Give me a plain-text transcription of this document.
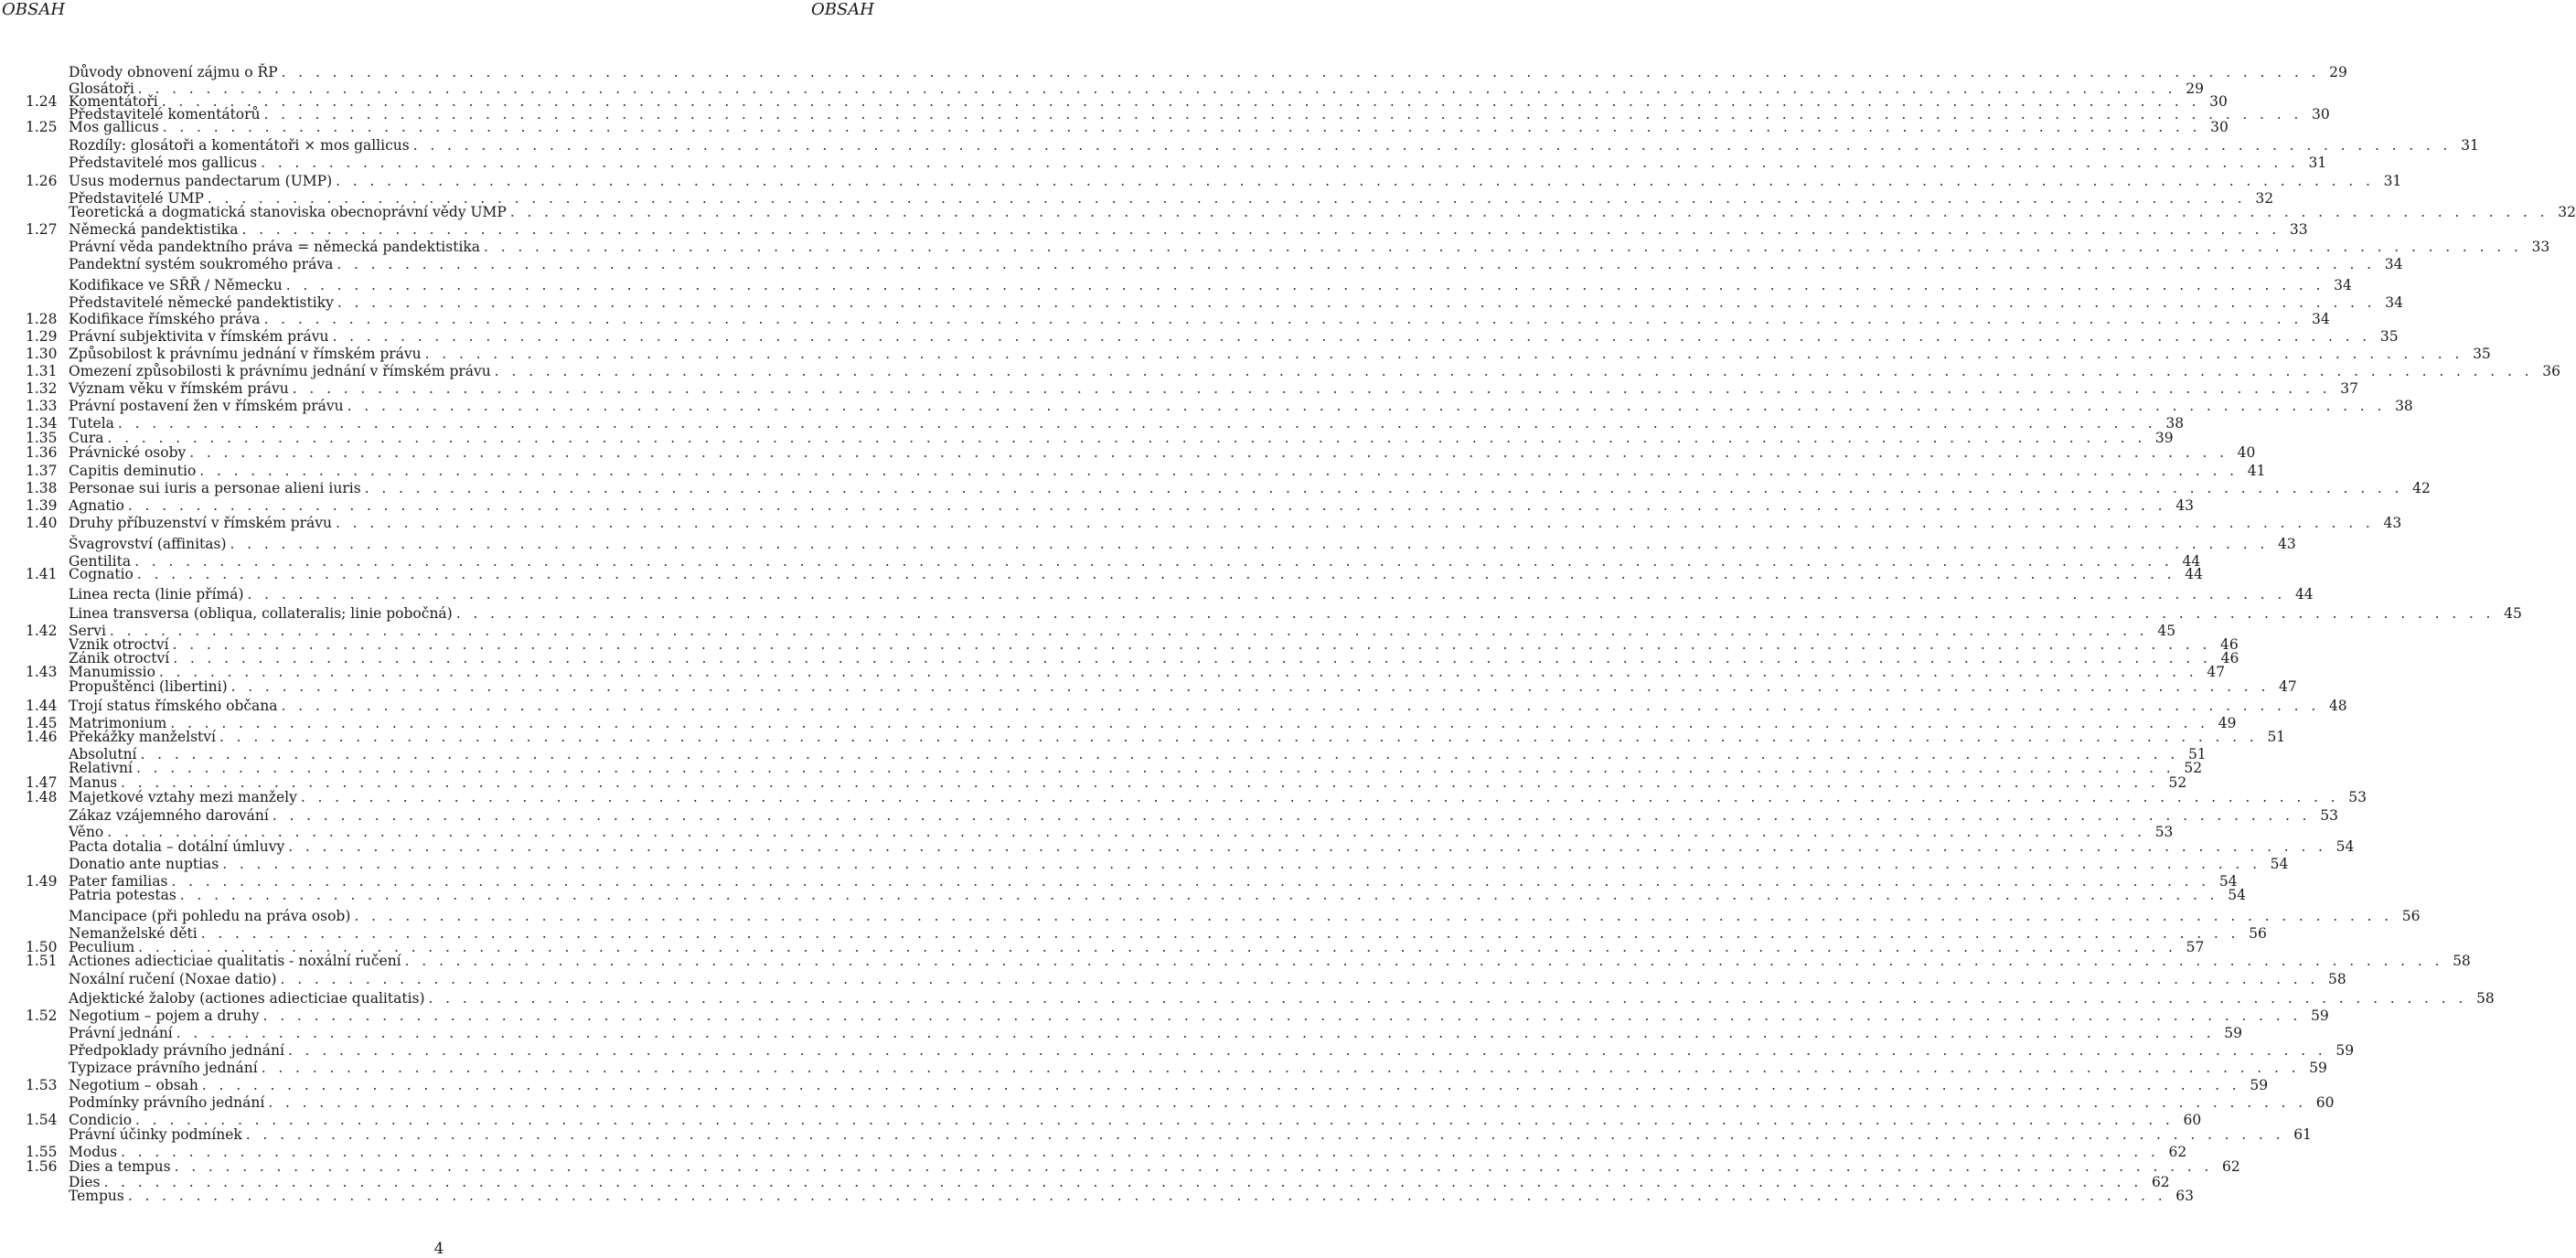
OBSAH	OBSAH
Důvody obnovení zájmu o ŘP . . . . . . . . . . . . . . . . . . . . . . . . . . . . . . . . . . . . . . . . . . . . . . . . . . . . . . . . . . . . . . . . . . . . . . . . . . . . . . . . . . . . . . . . . . . . . . . . . . . . . . . . . . . . . . . . . . . . . . . . 29
Glosátoři . . . . . . . . . . . . . . . . . . . . . . . . . . . . . . . . . . . . . . . . . . . . . . . . . . . . . . . . . . . . . . . . . . . . . . . . . . . . . . . . . . . . . . . . . . . . . . . . . . . . . . . . . . . . . . . . . . . . . . . . 29
1.24 Komentátoři . . . . . . . . . . . . . . . . . . . . . . . . . . . . . . . . . . . . . . . . . . . . . . . . . . . . . . . . . . . . . . . . . . . . . . . . . . . . . . . . . . . . . . . . . . . . . . . . . . . . . . . . . . . . . . . . . . . . . . . . 30
Představitelé komentátorů . . . . . . . . . . . . . . . . . . . . . . . . . . . . . . . . . . . . . . . . . . . . . . . . . . . . . . . . . . . . . . . . . . . . . . . . . . . . . . . . . . . . . . . . . . . . . . . . . . . . . . . . . . . . . . . . . . . . . . . . 30
1.25 Mos gallicus . . . . . . . . . . . . . . . . . . . . . . . . . . . . . . . . . . . . . . . . . . . . . . . . . . . . . . . . . . . . . . . . . . . . . . . . . . . . . . . . . . . . . . . . . . . . . . . . . . . . . . . . . . . . . . . . . . . . . . . . 30
Rozdíly: glosátoři a komentátoři × mos gallicus . . . . . . . . . . . . . . . . . . . . . . . . . . . . . . . . . . . . . . . . . . . . . . . . . . . . . . . . . . . . . . . . . . . . . . . . . . . . . . . . . . . . . . . . . . . . . . . . . . . . . . . . . . . . . . . . . . . . . . . . 31
Představitelé mos gallicus . . . . . . . . . . . . . . . . . . . . . . . . . . . . . . . . . . . . . . . . . . . . . . . . . . . . . . . . . . . . . . . . . . . . . . . . . . . . . . . . . . . . . . . . . . . . . . . . . . . . . . . . . . . . . . . . . . . . . . . . 31
1.26 Usus modernus pandectarum (UMP) . . . . . . . . . . . . . . . . . . . . . . . . . . . . . . . . . . . . . . . . . . . . . . . . . . . . . . . . . . . . . . . . . . . . . . . . . . . . . . . . . . . . . . . . . . . . . . . . . . . . . . . . . . . . . . . . . . . . . . . . 31
Představitelé UMP . . . . . . . . . . . . . . . . . . . . . . . . . . . . . . . . . . . . . . . . . . . . . . . . . . . . . . . . . . . . . . . . . . . . . . . . . . . . . . . . . . . . . . . . . . . . . . . . . . . . . . . . . . . . . . . . . . . . . . . . 32
Teoretická a dogmatická stanoviska obecnoprávní vědy UMP . . . . . . . . . . . . . . . . . . . . . . . . . . . . . . . . . . . . . . . . . . . . . . . . . . . . . . . . . . . . . . . . . . . . . . . . . . . . . . . . . . . . . . . . . . . . . . . . . . . . . . . . . . . . . . . . . . . . . . . . 32
1.27 Německá pandektistika . . . . . . . . . . . . . . . . . . . . . . . . . . . . . . . . . . . . . . . . . . . . . . . . . . . . . . . . . . . . . . . . . . . . . . . . . . . . . . . . . . . . . . . . . . . . . . . . . . . . . . . . . . . . . . . . . . . . . . . . 33
Právní věda pandektního práva = německá pandektistika . . . . . . . . . . . . . . . . . . . . . . . . . . . . . . . . . . . . . . . . . . . . . . . . . . . . . . . . . . . . . . . . . . . . . . . . . . . . . . . . . . . . . . . . . . . . . . . . . . . . . . . . . . . . . . . . . . . . . . . . 33
Pandektní systém soukromého práva . . . . . . . . . . . . . . . . . . . . . . . . . . . . . . . . . . . . . . . . . . . . . . . . . . . . . . . . . . . . . . . . . . . . . . . . . . . . . . . . . . . . . . . . . . . . . . . . . . . . . . . . . . . . . . . . . . . . . . . . 34
Kodifikace ve SŘŘ / Německu . . . . . . . . . . . . . . . . . . . . . . . . . . . . . . . . . . . . . . . . . . . . . . . . . . . . . . . . . . . . . . . . . . . . . . . . . . . . . . . . . . . . . . . . . . . . . . . . . . . . . . . . . . . . . . . . . . . . . . . . 34
Představitelé německé pandektistiky . . . . . . . . . . . . . . . . . . . . . . . . . . . . . . . . . . . . . . . . . . . . . . . . . . . . . . . . . . . . . . . . . . . . . . . . . . . . . . . . . . . . . . . . . . . . . . . . . . . . . . . . . . . . . . . . . . . . . . . . 34
1.28 Kodifikace římského práva . . . . . . . . . . . . . . . . . . . . . . . . . . . . . . . . . . . . . . . . . . . . . . . . . . . . . . . . . . . . . . . . . . . . . . . . . . . . . . . . . . . . . . . . . . . . . . . . . . . . . . . . . . . . . . . . . . . . . . . . 34
1.29 Právní subjektivita v římském právu . . . . . . . . . . . . . . . . . . . . . . . . . . . . . . . . . . . . . . . . . . . . . . . . . . . . . . . . . . . . . . . . . . . . . . . . . . . . . . . . . . . . . . . . . . . . . . . . . . . . . . . . . . . . . . . . . . . . . . . . 35
1.30 Způsobilost k právnímu jednání v římském právu . . . . . . . . . . . . . . . . . . . . . . . . . . . . . . . . . . . . . . . . . . . . . . . . . . . . . . . . . . . . . . . . . . . . . . . . . . . . . . . . . . . . . . . . . . . . . . . . . . . . . . . . . . . . . . . . . . . . . . . . 35
1.31 Omezení způsobilosti k právnímu jednání v římském právu . . . . . . . . . . . . . . . . . . . . . . . . . . . . . . . . . . . . . . . . . . . . . . . . . . . . . . . . . . . . . . . . . . . . . . . . . . . . . . . . . . . . . . . . . . . . . . . . . . . . . . . . . . . . . . . . . . . . . . . . 36
1.32 Význam věku v římském právu . . . . . . . . . . . . . . . . . . . . . . . . . . . . . . . . . . . . . . . . . . . . . . . . . . . . . . . . . . . . . . . . . . . . . . . . . . . . . . . . . . . . . . . . . . . . . . . . . . . . . . . . . . . . . . . . . . . . . . . . 37
1.33 Právní postavení žen v římském právu . . . . . . . . . . . . . . . . . . . . . . . . . . . . . . . . . . . . . . . . . . . . . . . . . . . . . . . . . . . . . . . . . . . . . . . . . . . . . . . . . . . . . . . . . . . . . . . . . . . . . . . . . . . . . . . . . . . . . . . . 38
1.34 Tutela . . . . . . . . . . . . . . . . . . . . . . . . . . . . . . . . . . . . . . . . . . . . . . . . . . . . . . . . . . . . . . . . . . . . . . . . . . . . . . . . . . . . . . . . . . . . . . . . . . . . . . . . . . . . . . . . . . . . . . . . 38
1.35 Cura . . . . . . . . . . . . . . . . . . . . . . . . . . . . . . . . . . . . . . . . . . . . . . . . . . . . . . . . . . . . . . . . . . . . . . . . . . . . . . . . . . . . . . . . . . . . . . . . . . . . . . . . . . . . . . . . . . . . . . . . 39
1.36 Právnické osoby . . . . . . . . . . . . . . . . . . . . . . . . . . . . . . . . . . . . . . . . . . . . . . . . . . . . . . . . . . . . . . . . . . . . . . . . . . . . . . . . . . . . . . . . . . . . . . . . . . . . . . . . . . . . . . . . . . . . . . . . 40
1.37 Capitis deminutio . . . . . . . . . . . . . . . . . . . . . . . . . . . . . . . . . . . . . . . . . . . . . . . . . . . . . . . . . . . . . . . . . . . . . . . . . . . . . . . . . . . . . . . . . . . . . . . . . . . . . . . . . . . . . . . . . . . . . . . . 41
1.38 Personae sui iuris a personae alieni iuris . . . . . . . . . . . . . . . . . . . . . . . . . . . . . . . . . . . . . . . . . . . . . . . . . . . . . . . . . . . . . . . . . . . . . . . . . . . . . . . . . . . . . . . . . . . . . . . . . . . . . . . . . . . . . . . . . . . . . . . . 42
1.39 Agnatio . . . . . . . . . . . . . . . . . . . . . . . . . . . . . . . . . . . . . . . . . . . . . . . . . . . . . . . . . . . . . . . . . . . . . . . . . . . . . . . . . . . . . . . . . . . . . . . . . . . . . . . . . . . . . . . . . . . . . . . . 43
1.40 Druhy příbuzenství v římském právu . . . . . . . . . . . . . . . . . . . . . . . . . . . . . . . . . . . . . . . . . . . . . . . . . . . . . . . . . . . . . . . . . . . . . . . . . . . . . . . . . . . . . . . . . . . . . . . . . . . . . . . . . . . . . . . . . . . . . . . . 43
Švagrovství (affinitas) . . . . . . . . . . . . . . . . . . . . . . . . . . . . . . . . . . . . . . . . . . . . . . . . . . . . . . . . . . . . . . . . . . . . . . . . . . . . . . . . . . . . . . . . . . . . . . . . . . . . . . . . . . . . . . . . . . . . . . . . 43
Gentilita . . . . . . . . . . . . . . . . . . . . . . . . . . . . . . . . . . . . . . . . . . . . . . . . . . . . . . . . . . . . . . . . . . . . . . . . . . . . . . . . . . . . . . . . . . . . . . . . . . . . . . . . . . . . . . . . . . . . . . . . 44
1.41 Cognatio . . . . . . . . . . . . . . . . . . . . . . . . . . . . . . . . . . . . . . . . . . . . . . . . . . . . . . . . . . . . . . . . . . . . . . . . . . . . . . . . . . . . . . . . . . . . . . . . . . . . . . . . . . . . . . . . . . . . . . . . 44
Linea recta (linie přímá) . . . . . . . . . . . . . . . . . . . . . . . . . . . . . . . . . . . . . . . . . . . . . . . . . . . . . . . . . . . . . . . . . . . . . . . . . . . . . . . . . . . . . . . . . . . . . . . . . . . . . . . . . . . . . . . . . . . . . . . . 44
Linea transversa (obliqua, collateralis; linie pobočná) . . . . . . . . . . . . . . . . . . . . . . . . . . . . . . . . . . . . . . . . . . . . . . . . . . . . . . . . . . . . . . . . . . . . . . . . . . . . . . . . . . . . . . . . . . . . . . . . . . . . . . . . . . . . . . . . . . . . . . . . 45
1.42 Servi . . . . . . . . . . . . . . . . . . . . . . . . . . . . . . . . . . . . . . . . . . . . . . . . . . . . . . . . . . . . . . . . . . . . . . . . . . . . . . . . . . . . . . . . . . . . . . . . . . . . . . . . . . . . . . . . . . . . . . . . 45
Vznik otroctví . . . . . . . . . . . . . . . . . . . . . . . . . . . . . . . . . . . . . . . . . . . . . . . . . . . . . . . . . . . . . . . . . . . . . . . . . . . . . . . . . . . . . . . . . . . . . . . . . . . . . . . . . . . . . . . . . . . . . . . . 46
Zánik otroctví . . . . . . . . . . . . . . . . . . . . . . . . . . . . . . . . . . . . . . . . . . . . . . . . . . . . . . . . . . . . . . . . . . . . . . . . . . . . . . . . . . . . . . . . . . . . . . . . . . . . . . . . . . . . . . . . . . . . . . . . 46
1.43 Manumissio . . . . . . . . . . . . . . . . . . . . . . . . . . . . . . . . . . . . . . . . . . . . . . . . . . . . . . . . . . . . . . . . . . . . . . . . . . . . . . . . . . . . . . . . . . . . . . . . . . . . . . . . . . . . . . . . . . . . . . . . 47
Propuštěnci (libertini) . . . . . . . . . . . . . . . . . . . . . . . . . . . . . . . . . . . . . . . . . . . . . . . . . . . . . . . . . . . . . . . . . . . . . . . . . . . . . . . . . . . . . . . . . . . . . . . . . . . . . . . . . . . . . . . . . . . . . . . . 47
1.44 Trojí status římského občana . . . . . . . . . . . . . . . . . . . . . . . . . . . . . . . . . . . . . . . . . . . . . . . . . . . . . . . . . . . . . . . . . . . . . . . . . . . . . . . . . . . . . . . . . . . . . . . . . . . . . . . . . . . . . . . . . . . . . . . . 48
1.45 Matrimonium . . . . . . . . . . . . . . . . . . . . . . . . . . . . . . . . . . . . . . . . . . . . . . . . . . . . . . . . . . . . . . . . . . . . . . . . . . . . . . . . . . . . . . . . . . . . . . . . . . . . . . . . . . . . . . . . . . . . . . . . 49
1.46 Překážky manželství . . . . . . . . . . . . . . . . . . . . . . . . . . . . . . . . . . . . . . . . . . . . . . . . . . . . . . . . . . . . . . . . . . . . . . . . . . . . . . . . . . . . . . . . . . . . . . . . . . . . . . . . . . . . . . . . . . . . . . . . 51
Absolutní . . . . . . . . . . . . . . . . . . . . . . . . . . . . . . . . . . . . . . . . . . . . . . . . . . . . . . . . . . . . . . . . . . . . . . . . . . . . . . . . . . . . . . . . . . . . . . . . . . . . . . . . . . . . . . . . . . . . . . . . 51
Relativní . . . . . . . . . . . . . . . . . . . . . . . . . . . . . . . . . . . . . . . . . . . . . . . . . . . . . . . . . . . . . . . . . . . . . . . . . . . . . . . . . . . . . . . . . . . . . . . . . . . . . . . . . . . . . . . . . . . . . . . . 52
1.47 Manus . . . . . . . . . . . . . . . . . . . . . . . . . . . . . . . . . . . . . . . . . . . . . . . . . . . . . . . . . . . . . . . . . . . . . . . . . . . . . . . . . . . . . . . . . . . . . . . . . . . . . . . . . . . . . . . . . . . . . . . . 52
1.48 Majetkové vztahy mezi manžely . . . . . . . . . . . . . . . . . . . . . . . . . . . . . . . . . . . . . . . . . . . . . . . . . . . . . . . . . . . . . . . . . . . . . . . . . . . . . . . . . . . . . . . . . . . . . . . . . . . . . . . . . . . . . . . . . . . . . . . . 53
Zákaz vzájemného darování . . . . . . . . . . . . . . . . . . . . . . . . . . . . . . . . . . . . . . . . . . . . . . . . . . . . . . . . . . . . . . . . . . . . . . . . . . . . . . . . . . . . . . . . . . . . . . . . . . . . . . . . . . . . . . . . . . . . . . . . 53
Věno . . . . . . . . . . . . . . . . . . . . . . . . . . . . . . . . . . . . . . . . . . . . . . . . . . . . . . . . . . . . . . . . . . . . . . . . . . . . . . . . . . . . . . . . . . . . . . . . . . . . . . . . . . . . . . . . . . . . . . . . 53
Pacta dotalia – dotální úmluvy . . . . . . . . . . . . . . . . . . . . . . . . . . . . . . . . . . . . . . . . . . . . . . . . . . . . . . . . . . . . . . . . . . . . . . . . . . . . . . . . . . . . . . . . . . . . . . . . . . . . . . . . . . . . . . . . . . . . . . . . 54
Donatio ante nuptias . . . . . . . . . . . . . . . . . . . . . . . . . . . . . . . . . . . . . . . . . . . . . . . . . . . . . . . . . . . . . . . . . . . . . . . . . . . . . . . . . . . . . . . . . . . . . . . . . . . . . . . . . . . . . . . . . . . . . . . . 54
1.49 Pater familias . . . . . . . . . . . . . . . . . . . . . . . . . . . . . . . . . . . . . . . . . . . . . . . . . . . . . . . . . . . . . . . . . . . . . . . . . . . . . . . . . . . . . . . . . . . . . . . . . . . . . . . . . . . . . . . . . . . . . . . . 54
Patria potestas . . . . . . . . . . . . . . . . . . . . . . . . . . . . . . . . . . . . . . . . . . . . . . . . . . . . . . . . . . . . . . . . . . . . . . . . . . . . . . . . . . . . . . . . . . . . . . . . . . . . . . . . . . . . . . . . . . . . . . . . 54
Mancipace (při pohledu na práva osob) . . . . . . . . . . . . . . . . . . . . . . . . . . . . . . . . . . . . . . . . . . . . . . . . . . . . . . . . . . . . . . . . . . . . . . . . . . . . . . . . . . . . . . . . . . . . . . . . . . . . . . . . . . . . . . . . . . . . . . . . 56
Nemanželské děti . . . . . . . . . . . . . . . . . . . . . . . . . . . . . . . . . . . . . . . . . . . . . . . . . . . . . . . . . . . . . . . . . . . . . . . . . . . . . . . . . . . . . . . . . . . . . . . . . . . . . . . . . . . . . . . . . . . . . . . . 56
1.50 Peculium . . . . . . . . . . . . . . . . . . . . . . . . . . . . . . . . . . . . . . . . . . . . . . . . . . . . . . . . . . . . . . . . . . . . . . . . . . . . . . . . . . . . . . . . . . . . . . . . . . . . . . . . . . . . . . . . . . . . . . . . 57
1.51 Actiones adiecticiae qualitatis - noxální ručení . . . . . . . . . . . . . . . . . . . . . . . . . . . . . . . . . . . . . . . . . . . . . . . . . . . . . . . . . . . . . . . . . . . . . . . . . . . . . . . . . . . . . . . . . . . . . . . . . . . . . . . . . . . . . . . . . . . . . . . . 58
Noxální ručení (Noxae datio) . . . . . . . . . . . . . . . . . . . . . . . . . . . . . . . . . . . . . . . . . . . . . . . . . . . . . . . . . . . . . . . . . . . . . . . . . . . . . . . . . . . . . . . . . . . . . . . . . . . . . . . . . . . . . . . . . . . . . . . . 58
Adjektické žaloby (actiones adiecticiae qualitatis) . . . . . . . . . . . . . . . . . . . . . . . . . . . . . . . . . . . . . . . . . . . . . . . . . . . . . . . . . . . . . . . . . . . . . . . . . . . . . . . . . . . . . . . . . . . . . . . . . . . . . . . . . . . . . . . . . . . . . . . . 58
1.52 Negotium – pojem a druhy . . . . . . . . . . . . . . . . . . . . . . . . . . . . . . . . . . . . . . . . . . . . . . . . . . . . . . . . . . . . . . . . . . . . . . . . . . . . . . . . . . . . . . . . . . . . . . . . . . . . . . . . . . . . . . . . . . . . . . . . 59
Právní jednání . . . . . . . . . . . . . . . . . . . . . . . . . . . . . . . . . . . . . . . . . . . . . . . . . . . . . . . . . . . . . . . . . . . . . . . . . . . . . . . . . . . . . . . . . . . . . . . . . . . . . . . . . . . . . . . . . . . . . . . . 59
Předpoklady právního jednání . . . . . . . . . . . . . . . . . . . . . . . . . . . . . . . . . . . . . . . . . . . . . . . . . . . . . . . . . . . . . . . . . . . . . . . . . . . . . . . . . . . . . . . . . . . . . . . . . . . . . . . . . . . . . . . . . . . . . . . . 59
Typizace právního jednání . . . . . . . . . . . . . . . . . . . . . . . . . . . . . . . . . . . . . . . . . . . . . . . . . . . . . . . . . . . . . . . . . . . . . . . . . . . . . . . . . . . . . . . . . . . . . . . . . . . . . . . . . . . . . . . . . . . . . . . . 59
1.53 Negotium – obsah . . . . . . . . . . . . . . . . . . . . . . . . . . . . . . . . . . . . . . . . . . . . . . . . . . . . . . . . . . . . . . . . . . . . . . . . . . . . . . . . . . . . . . . . . . . . . . . . . . . . . . . . . . . . . . . . . . . . . . . . 59
Podmínky právního jednání . . . . . . . . . . . . . . . . . . . . . . . . . . . . . . . . . . . . . . . . . . . . . . . . . . . . . . . . . . . . . . . . . . . . . . . . . . . . . . . . . . . . . . . . . . . . . . . . . . . . . . . . . . . . . . . . . . . . . . . . 60
1.54 Condicio . . . . . . . . . . . . . . . . . . . . . . . . . . . . . . . . . . . . . . . . . . . . . . . . . . . . . . . . . . . . . . . . . . . . . . . . . . . . . . . . . . . . . . . . . . . . . . . . . . . . . . . . . . . . . . . . . . . . . . . . 60
Právní účinky podmínek . . . . . . . . . . . . . . . . . . . . . . . . . . . . . . . . . . . . . . . . . . . . . . . . . . . . . . . . . . . . . . . . . . . . . . . . . . . . . . . . . . . . . . . . . . . . . . . . . . . . . . . . . . . . . . . . . . . . . . . . 61
1.55 Modus . . . . . . . . . . . . . . . . . . . . . . . . . . . . . . . . . . . . . . . . . . . . . . . . . . . . . . . . . . . . . . . . . . . . . . . . . . . . . . . . . . . . . . . . . . . . . . . . . . . . . . . . . . . . . . . . . . . . . . . . 62
1.56 Dies a tempus . . . . . . . . . . . . . . . . . . . . . . . . . . . . . . . . . . . . . . . . . . . . . . . . . . . . . . . . . . . . . . . . . . . . . . . . . . . . . . . . . . . . . . . . . . . . . . . . . . . . . . . . . . . . . . . . . . . . . . . . 62
Dies . . . . . . . . . . . . . . . . . . . . . . . . . . . . . . . . . . . . . . . . . . . . . . . . . . . . . . . . . . . . . . . . . . . . . . . . . . . . . . . . . . . . . . . . . . . . . . . . . . . . . . . . . . . . . . . . . . . . . . . . 62
Tempus . . . . . . . . . . . . . . . . . . . . . . . . . . . . . . . . . . . . . . . . . . . . . . . . . . . . . . . . . . . . . . . . . . . . . . . . . . . . . . . . . . . . . . . . . . . . . . . . . . . . . . . . . . . . . . . . . . . . . . . . 63
4
